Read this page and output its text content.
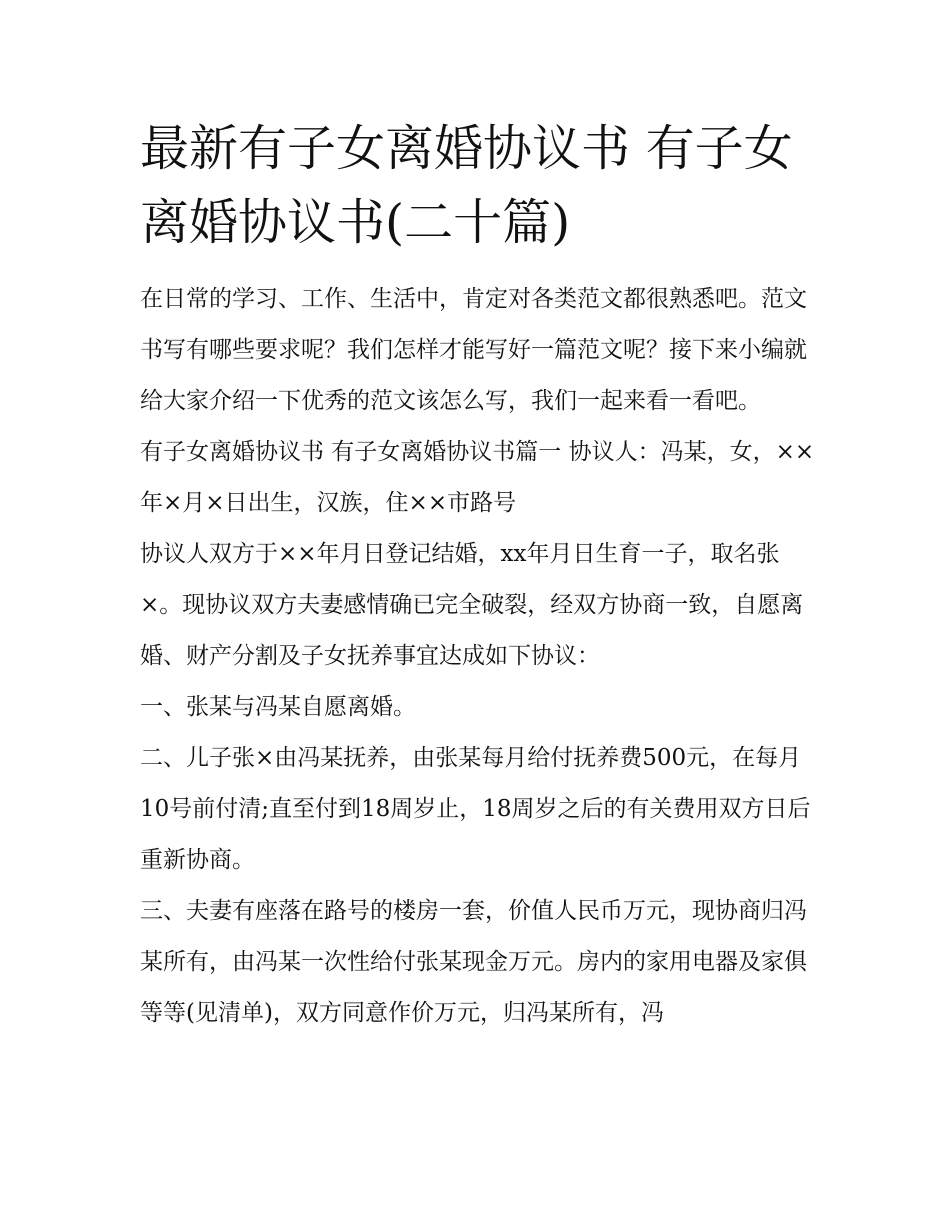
最新有子女离婚协议书 有子女离婚协议书(二十篇)

在日常的学习、工作、生活中，肯定对各类范文都很熟悉吧。范文书写有哪些要求呢？我们怎样才能写好一篇范文呢？接下来小编就给大家介绍一下优秀的范文该怎么写，我们一起来看一看吧。

有子女离婚协议书 有子女离婚协议书篇一 协议人：冯某，女，××年×月×日出生，汉族，住××市路号

协议人双方于××年月日登记结婚，xx年月日生育一子，取名张×。现协议双方夫妻感情确已完全破裂，经双方协商一致，自愿离婚、财产分割及子女抚养事宜达成如下协议：

一、张某与冯某自愿离婚。

二、儿子张×由冯某抚养，由张某每月给付抚养费500元，在每月10号前付清;直至付到18周岁止，18周岁之后的有关费用双方日后重新协商。

三、夫妻有座落在路号的楼房一套，价值人民币万元，现协商归冯某所有，由冯某一次性给付张某现金万元。房内的家用电器及家俱等等(见清单)，双方同意作价万元，归冯某所有，冯
